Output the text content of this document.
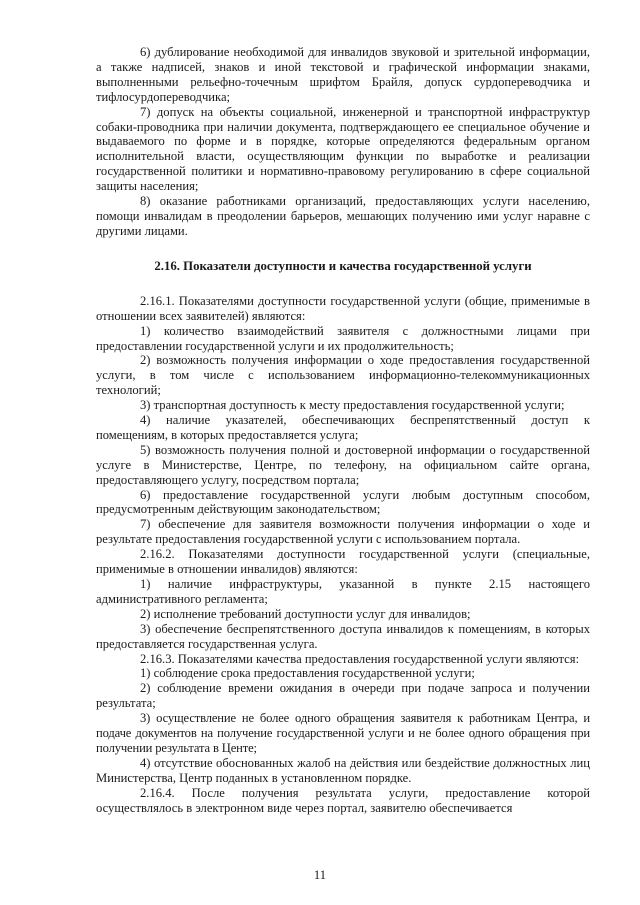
6) дублирование необходимой для инвалидов звуковой и зрительной информации, а также надписей, знаков и иной текстовой и графической информации знаками, выполненными рельефно-точечным шрифтом Брайля, допуск сурдопереводчика и тифлосурдопереводчика;

7) допуск на объекты социальной, инженерной и транспортной инфраструктур собаки-проводника при наличии документа, подтверждающего ее специальное обучение и выдаваемого по форме и в порядке, которые определяются федеральным органом исполнительной власти, осуществляющим функции по выработке и реализации государственной политики и нормативно-правовому регулированию в сфере социальной защиты населения;

8) оказание работниками организаций, предоставляющих услуги населению, помощи инвалидам в преодолении барьеров, мешающих получению ими услуг наравне с другими лицами.

2.16. Показатели доступности и качества государственной услуги

2.16.1. Показателями доступности государственной услуги (общие, применимые в отношении всех заявителей) являются:

1) количество взаимодействий заявителя с должностными лицами при предоставлении государственной услуги и их продолжительность;

2) возможность получения информации о ходе предоставления государственной услуги, в том числе с использованием информационно-телекоммуникационных технологий;

3) транспортная доступность к месту предоставления государственной услуги;

4) наличие указателей, обеспечивающих беспрепятственный доступ к помещениям, в которых предоставляется услуга;

5) возможность получения полной и достоверной информации о государственной услуге в Министерстве, Центре, по телефону, на официальном сайте органа, предоставляющего услугу, посредством портала;

6) предоставление государственной услуги любым доступным способом, предусмотренным действующим законодательством;

7) обеспечение для заявителя возможности получения информации о ходе и результате предоставления государственной услуги с использованием портала.

2.16.2. Показателями доступности государственной услуги (специальные, применимые в отношении инвалидов) являются:

1) наличие инфраструктуры, указанной в пункте 2.15 настоящего административного регламента;

2) исполнение требований доступности услуг для инвалидов;

3) обеспечение беспрепятственного доступа инвалидов к помещениям, в которых предоставляется государственная услуга.

2.16.3. Показателями качества предоставления государственной услуги являются:

1) соблюдение срока предоставления государственной услуги;

2) соблюдение времени ожидания в очереди при подаче запроса и получении результата;

3) осуществление не более одного обращения заявителя к работникам Центра, и подаче документов на получение государственной услуги и не более одного обращения при получении результата в Центе;

4) отсутствие обоснованных жалоб на действия или бездействие должностных лиц Министерства, Центр поданных в установленном порядке.

2.16.4. После получения результата услуги, предоставление которой осуществлялось в электронном виде через портал, заявителю обеспечивается

11
